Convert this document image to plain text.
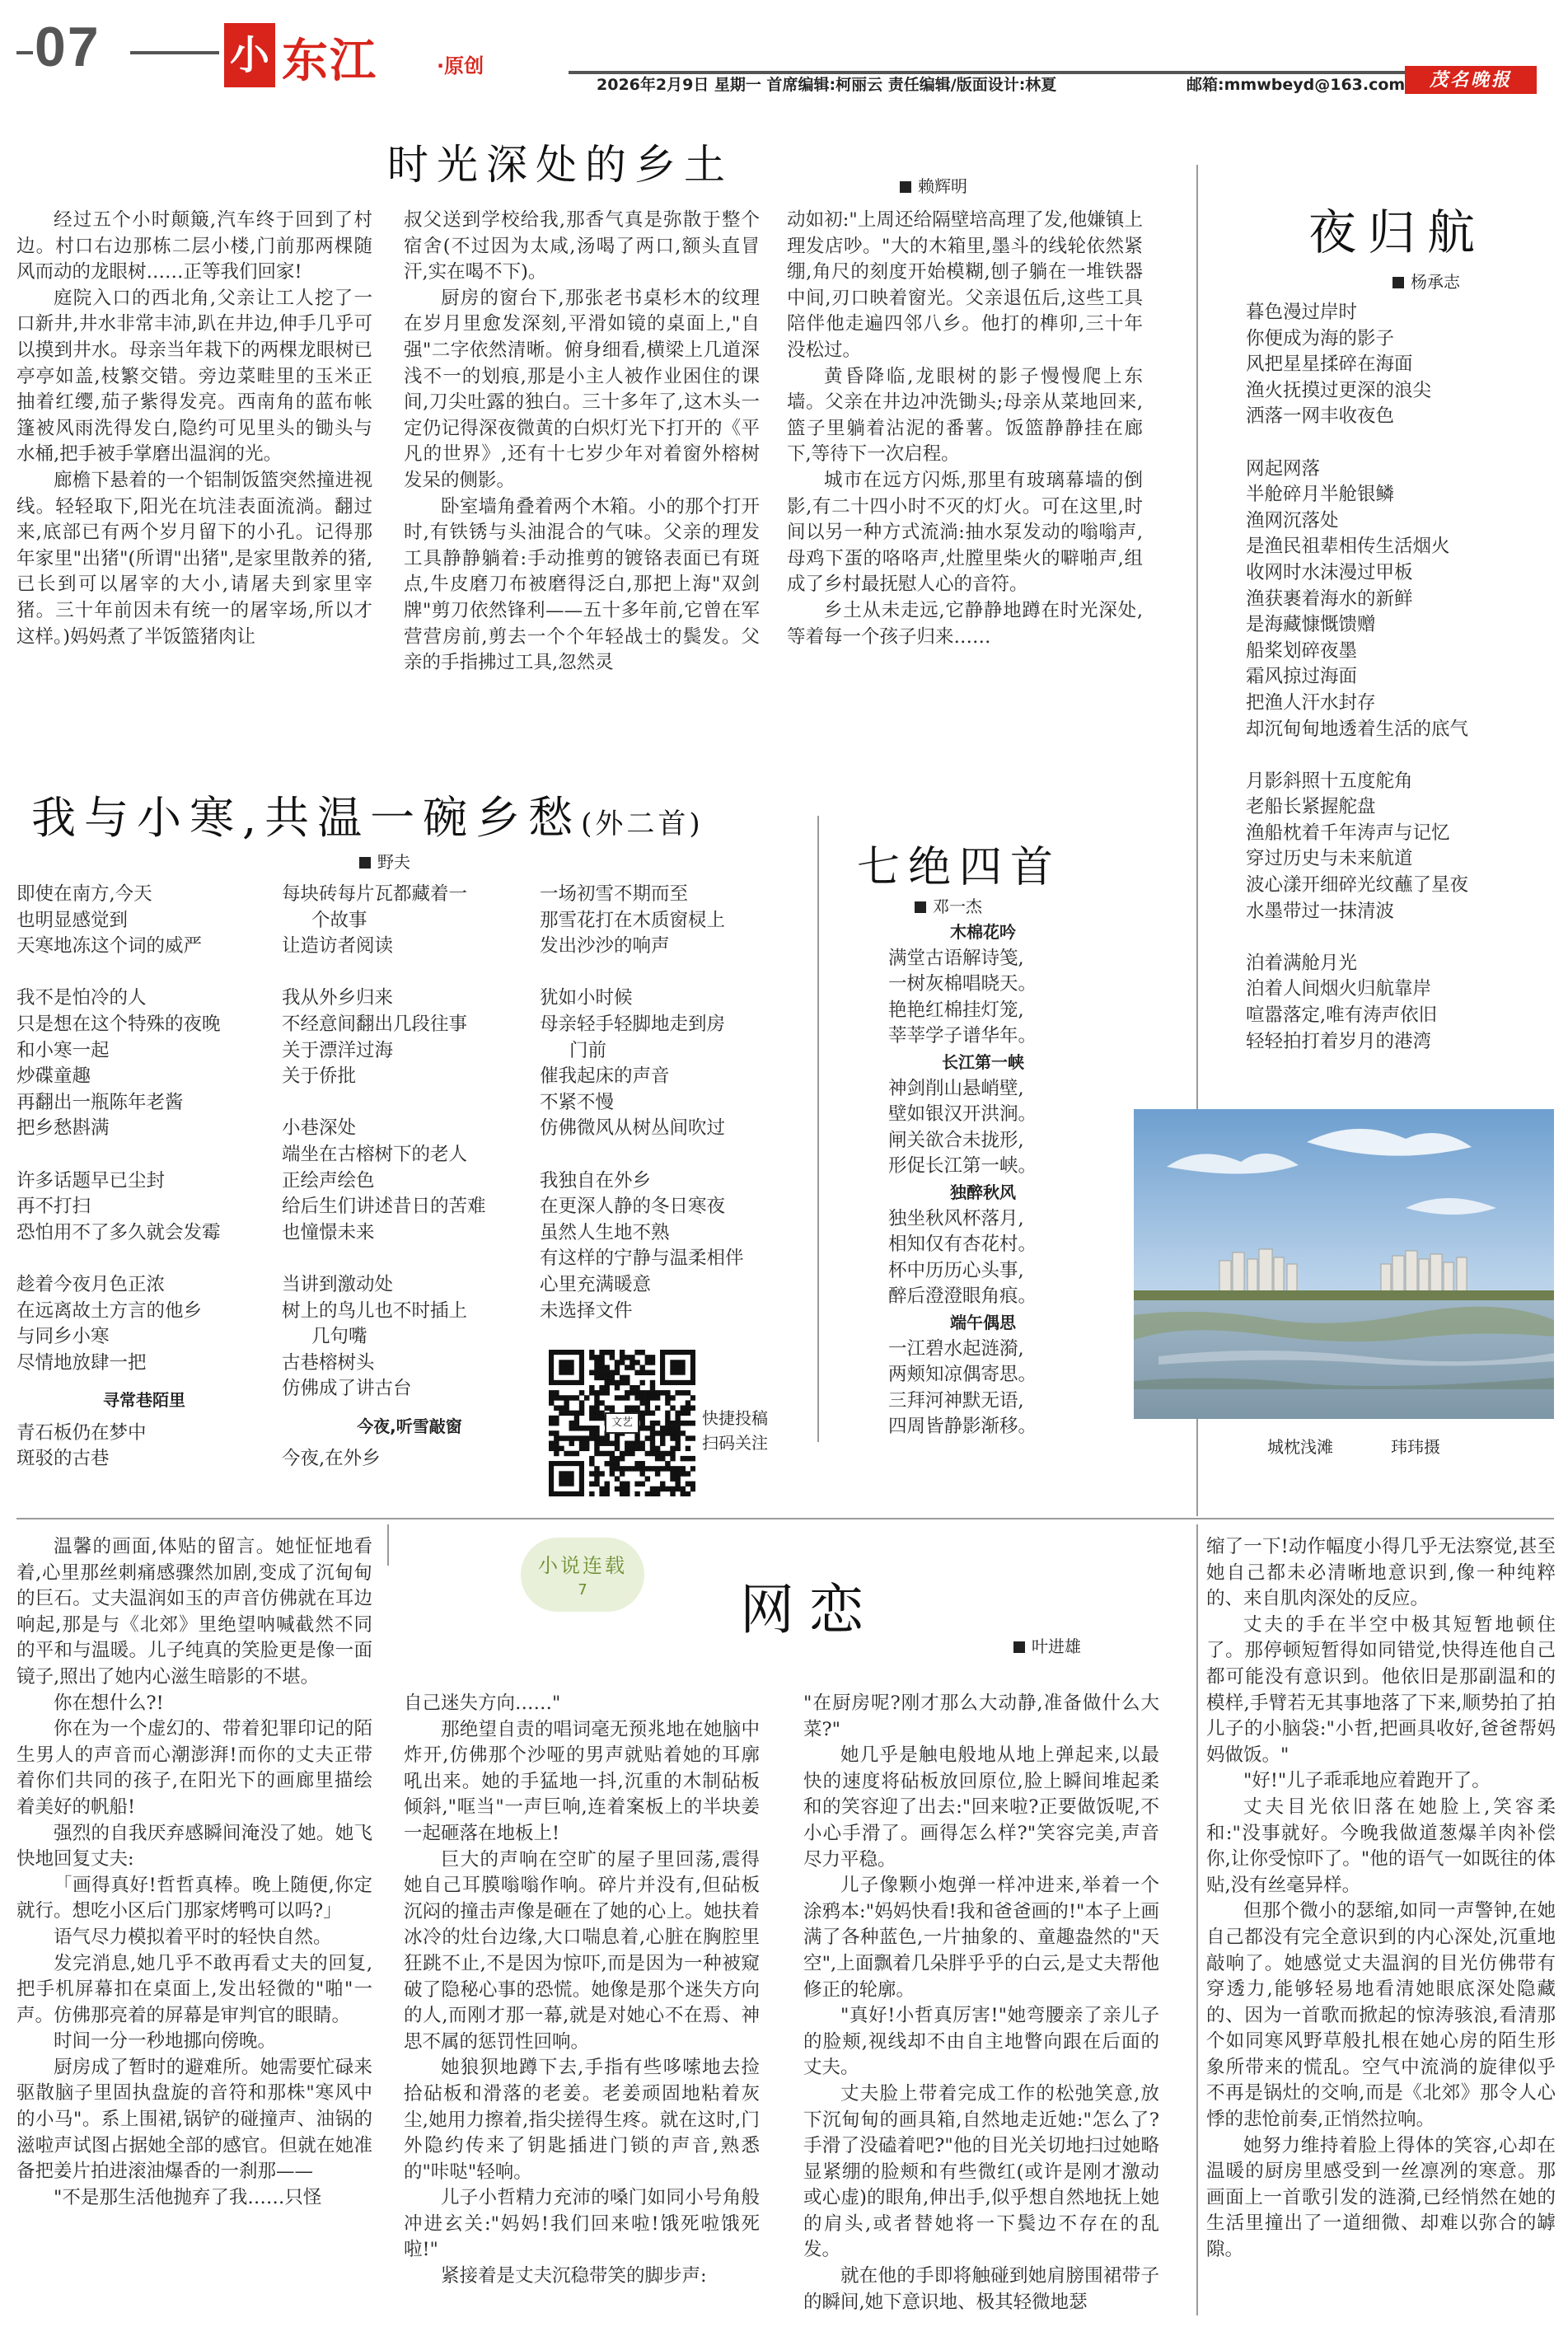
07	小 东江	·原创
2026年2月9日 星期一 首席编辑:柯丽云 责任编辑/版面设计:林夏	邮箱:mmwbeyd@163.com	茂名晚报
时光深处的乡土	赖辉明

经过五个小时颠簸,汽车终于回到了村边。村口右边那栋二层小楼,门前那两棵随风而动的龙眼树……正等我们回家!

庭院入口的西北角,父亲让工人挖了一口新井,井水非常丰沛,趴在井边,伸手几乎可以摸到井水。母亲当年栽下的两棵龙眼树已亭亭如盖,枝繁交错。旁边菜畦里的玉米正抽着红缨,茄子紫得发亮。西南角的蓝布帐篷被风雨洗得发白,隐约可见里头的锄头与水桶,把手被手掌磨出温润的光。

廊檐下悬着的一个铝制饭篮突然撞进视线。轻轻取下,阳光在坑洼表面流淌。翻过来,底部已有两个岁月留下的小孔。记得那年家里"出猪"(所谓"出猪",是家里散养的猪,已长到可以屠宰的大小,请屠夫到家里宰猪。三十年前因未有统一的屠宰场,所以才这样。)妈妈煮了半饭篮猪肉让

叔父送到学校给我,那香气真是弥散于整个宿舍(不过因为太咸,汤喝了两口,额头直冒汗,实在喝不下)。

厨房的窗台下,那张老书桌杉木的纹理在岁月里愈发深刻,平滑如镜的桌面上,"自强"二字依然清晰。俯身细看,横梁上几道深浅不一的划痕,那是小主人被作业困住的课间,刀尖吐露的独白。三十多年了,这木头一定仍记得深夜微黄的白炽灯光下打开的《平凡的世界》,还有十七岁少年对着窗外榕树发呆的侧影。

卧室墙角叠着两个木箱。小的那个打开时,有铁锈与头油混合的气味。父亲的理发工具静静躺着:手动推剪的镀铬表面已有斑点,牛皮磨刀布被磨得泛白,那把上海"双剑牌"剪刀依然锋利——五十多年前,它曾在军营营房前,剪去一个个年轻战士的鬓发。父亲的手指拂过工具,忽然灵

动如初:"上周还给隔壁培高理了发,他嫌镇上理发店吵。"大的木箱里,墨斗的线轮依然紧绷,角尺的刻度开始模糊,刨子躺在一堆铁器中间,刃口映着窗光。父亲退伍后,这些工具陪伴他走遍四邻八乡。他打的榫卯,三十年没松过。

黄昏降临,龙眼树的影子慢慢爬上东墙。父亲在井边冲洗锄头;母亲从菜地回来,篮子里躺着沾泥的番薯。饭篮静静挂在廊下,等待下一次启程。

城市在远方闪烁,那里有玻璃幕墙的倒影,有二十四小时不灭的灯火。可在这里,时间以另一种方式流淌:抽水泵发动的嗡嗡声,母鸡下蛋的咯咯声,灶膛里柴火的噼啪声,组成了乡村最抚慰人心的音符。

乡土从未走远,它静静地蹲在时光深处,等着每一个孩子归来……

夜归航
杨承志
暮色漫过岸时
你便成为海的影子
风把星星揉碎在海面
渔火抚摸过更深的浪尖
洒落一网丰收夜色
网起网落
半舱碎月半舱银鳞
渔网沉落处
是渔民祖辈相传生活烟火
收网时水沫漫过甲板
渔获裹着海水的新鲜
是海藏慷慨馈赠
船桨划碎夜墨
霜风掠过海面
把渔人汗水封存
却沉甸甸地透着生活的底气
月影斜照十五度舵角
老船长紧握舵盘
渔船枕着千年涛声与记忆
穿过历史与未来航道
波心漾开细碎光纹蘸了星夜
水墨带过一抹清波
泊着满舱月光
泊着人间烟火归航靠岸
喧嚣落定,唯有涛声依旧
轻轻拍打着岁月的港湾
城枕浅滩	玮玮摄
我与小寒,共温一碗乡愁(外二首)
野夫
即使在南方,今天
也明显感觉到
天寒地冻这个词的威严
我不是怕冷的人
只是想在这个特殊的夜晚
和小寒一起
炒碟童趣
再翻出一瓶陈年老酱
把乡愁斟满
许多话题早已尘封
再不打扫
恐怕用不了多久就会发霉
趁着今夜月色正浓
在远离故土方言的他乡
与同乡小寒
尽情地放肆一把
寻常巷陌里
青石板仍在梦中
斑驳的古巷
每块砖每片瓦都藏着一
个故事
让造访者阅读
我从外乡归来
不经意间翻出几段往事
关于漂洋过海
关于侨批
小巷深处
端坐在古榕树下的老人
正绘声绘色
给后生们讲述昔日的苦难
也憧憬未来
当讲到激动处
树上的鸟儿也不时插上
几句嘴
古巷榕树头
仿佛成了讲古台
今夜,听雪敲窗
今夜,在外乡
一场初雪不期而至
那雪花打在木质窗棂上
发出沙沙的响声
犹如小时候
母亲轻手轻脚地走到房
门前
催我起床的声音
不紧不慢
仿佛微风从树丛间吹过
我独自在外乡
在更深人静的冬日寒夜
虽然人生地不熟
有这样的宁静与温柔相伴
心里充满暖意
未选择文件
文艺	快捷投稿
扫码关注
七绝四首
邓一杰
木棉花吟
满堂古语解诗笺,
一树灰棉唱晓天。
艳艳红棉挂灯笼,
莘莘学子谱华年。
长江第一峡
神剑削山悬峭壁,
壁如银汉开洪涧。
闸关欲合未拢形,
形促长江第一峡。
独醉秋风
独坐秋风杯落月,
相知仅有杏花村。
杯中历历心头事,
醉后澄澄眼角痕。
端午偶思
一江碧水起涟漪,
两颊知凉偶寄思。
三拜河神默无语,
四周皆静影渐移。
小说连载
7	网恋
叶进雄

温馨的画面,体贴的留言。她怔怔地看着,心里那丝刺痛感骤然加剧,变成了沉甸甸的巨石。丈夫温润如玉的声音仿佛就在耳边响起,那是与《北郊》里绝望呐喊截然不同的平和与温暖。儿子纯真的笑脸更是像一面镜子,照出了她内心滋生暗影的不堪。

你在想什么?!

你在为一个虚幻的、带着犯罪印记的陌生男人的声音而心潮澎湃!而你的丈夫正带着你们共同的孩子,在阳光下的画廊里描绘着美好的帆船!

强烈的自我厌弃感瞬间淹没了她。她飞快地回复丈夫:

「画得真好!哲哲真棒。晚上随便,你定就行。想吃小区后门那家烤鸭可以吗?」

语气尽力模拟着平时的轻快自然。

发完消息,她几乎不敢再看丈夫的回复,把手机屏幕扣在桌面上,发出轻微的"啪"一声。仿佛那亮着的屏幕是审判官的眼睛。

时间一分一秒地挪向傍晚。

厨房成了暂时的避难所。她需要忙碌来驱散脑子里固执盘旋的音符和那株"寒风中的小马"。系上围裙,锅铲的碰撞声、油锅的滋啦声试图占据她全部的感官。但就在她准备把姜片拍进滚油爆香的一刹那——

"不是那生活他抛弃了我……只怪

自己迷失方向……"

那绝望自责的唱词毫无预兆地在她脑中炸开,仿佛那个沙哑的男声就贴着她的耳廓吼出来。她的手猛地一抖,沉重的木制砧板倾斜,"哐当"一声巨响,连着案板上的半块姜一起砸落在地板上!

巨大的声响在空旷的屋子里回荡,震得她自己耳膜嗡嗡作响。碎片并没有,但砧板沉闷的撞击声像是砸在了她的心上。她扶着冰冷的灶台边缘,大口喘息着,心脏在胸腔里狂跳不止,不是因为惊吓,而是因为一种被窥破了隐秘心事的恐慌。她像是那个迷失方向的人,而刚才那一幕,就是对她心不在焉、神思不属的惩罚性回响。

她狼狈地蹲下去,手指有些哆嗦地去捡拾砧板和滑落的老姜。老姜顽固地粘着灰尘,她用力擦着,指尖搓得生疼。就在这时,门外隐约传来了钥匙插进门锁的声音,熟悉的"咔哒"轻响。

儿子小哲精力充沛的嗓门如同小号角般冲进玄关:"妈妈!我们回来啦!饿死啦饿死啦!"

紧接着是丈夫沉稳带笑的脚步声:

"在厨房呢?刚才那么大动静,准备做什么大菜?"

她几乎是触电般地从地上弹起来,以最快的速度将砧板放回原位,脸上瞬间堆起柔和的笑容迎了出去:"回来啦?正要做饭呢,不小心手滑了。画得怎么样?"笑容完美,声音尽力平稳。

儿子像颗小炮弹一样冲进来,举着一个涂鸦本:"妈妈快看!我和爸爸画的!"本子上画满了各种蓝色,一片抽象的、童趣盎然的"天空",上面飘着几朵胖乎乎的白云,是丈夫帮他修正的轮廓。

"真好!小哲真厉害!"她弯腰亲了亲儿子的脸颊,视线却不由自主地瞥向跟在后面的丈夫。

丈夫脸上带着完成工作的松弛笑意,放下沉甸甸的画具箱,自然地走近她:"怎么了?手滑了没磕着吧?"他的目光关切地扫过她略显紧绷的脸颊和有些微红(或许是刚才激动或心虚)的眼角,伸出手,似乎想自然地抚上她的肩头,或者替她将一下鬓边不存在的乱发。

就在他的手即将触碰到她肩膀围裙带子的瞬间,她下意识地、极其轻微地瑟

缩了一下!动作幅度小得几乎无法察觉,甚至她自己都未必清晰地意识到,像一种纯粹的、来自肌肉深处的反应。

丈夫的手在半空中极其短暂地顿住了。那停顿短暂得如同错觉,快得连他自己都可能没有意识到。他依旧是那副温和的模样,手臂若无其事地落了下来,顺势拍了拍儿子的小脑袋:"小哲,把画具收好,爸爸帮妈妈做饭。"

"好!"儿子乖乖地应着跑开了。

丈夫目光依旧落在她脸上,笑容柔和:"没事就好。今晚我做道葱爆羊肉补偿你,让你受惊吓了。"他的语气一如既往的体贴,没有丝毫异样。

但那个微小的瑟缩,如同一声警钟,在她自己都没有完全意识到的内心深处,沉重地敲响了。她感觉丈夫温润的目光仿佛带有穿透力,能够轻易地看清她眼底深处隐藏的、因为一首歌而掀起的惊涛骇浪,看清那个如同寒风野草般扎根在她心房的陌生形象所带来的慌乱。空气中流淌的旋律似乎不再是锅灶的交响,而是《北郊》那令人心悸的悲怆前奏,正悄然拉响。

她努力维持着脸上得体的笑容,心却在温暖的厨房里感受到一丝凛冽的寒意。那画面上一首歌引发的涟漪,已经悄然在她的生活里撞出了一道细微、却难以弥合的罅隙。
